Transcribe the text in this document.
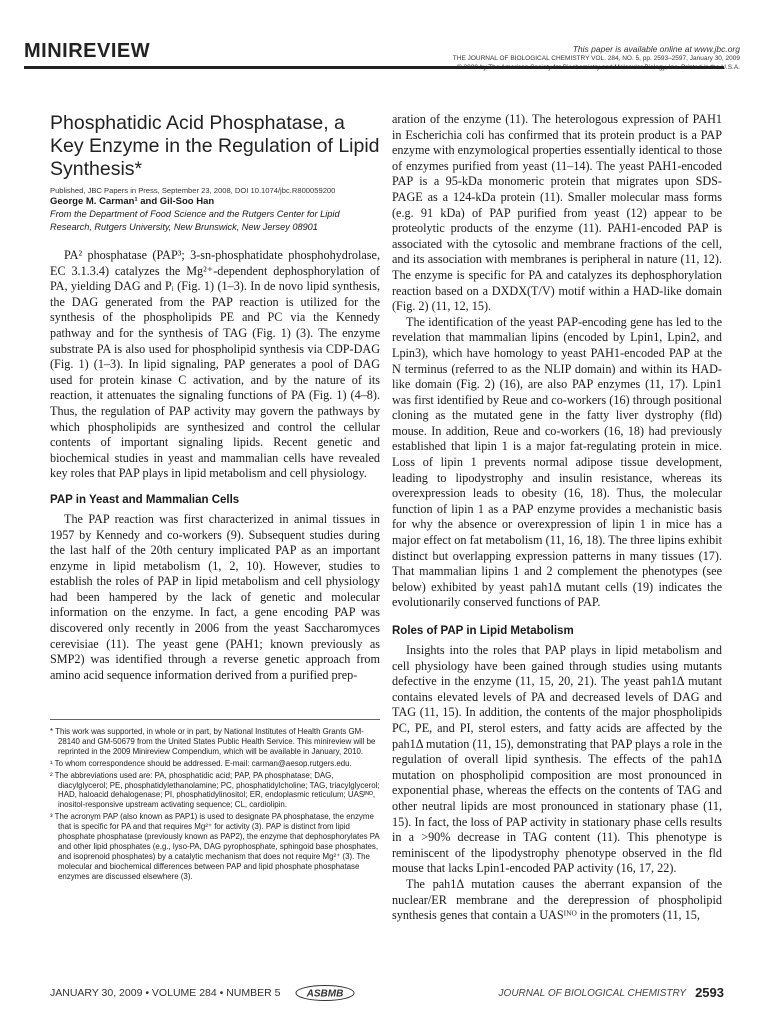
MINIREVIEW	This paper is available online at www.jbc.org
THE JOURNAL OF BIOLOGICAL CHEMISTRY VOL. 284, NO. 5, pp. 2593–2597, January 30, 2009
© 2009 by The American Society for Biochemistry and Molecular Biology, Inc. Printed in the U.S.A.
Phosphatidic Acid Phosphatase, a Key Enzyme in the Regulation of Lipid Synthesis*
Published, JBC Papers in Press, September 23, 2008, DOI 10.1074/jbc.R800059200
George M. Carman¹ and Gil-Soo Han
From the Department of Food Science and the Rutgers Center for Lipid Research, Rutgers University, New Brunswick, New Jersey 08901

PA² phosphatase (PAP³; 3-sn-phosphatidate phosphohydrolase, EC 3.1.3.4) catalyzes the Mg²⁺-dependent dephosphorylation of PA, yielding DAG and Pᵢ (Fig. 1) (1–3). In de novo lipid synthesis, the DAG generated from the PAP reaction is utilized for the synthesis of the phospholipids PE and PC via the Kennedy pathway and for the synthesis of TAG (Fig. 1) (3). The enzyme substrate PA is also used for phospholipid synthesis via CDP-DAG (Fig. 1) (1–3). In lipid signaling, PAP generates a pool of DAG used for protein kinase C activation, and by the nature of its reaction, it attenuates the signaling functions of PA (Fig. 1) (4–8). Thus, the regulation of PAP activity may govern the pathways by which phospholipids are synthesized and control the cellular contents of important signaling lipids. Recent genetic and biochemical studies in yeast and mammalian cells have revealed key roles that PAP plays in lipid metabolism and cell physiology.

PAP in Yeast and Mammalian Cells

The PAP reaction was first characterized in animal tissues in 1957 by Kennedy and co-workers (9). Subsequent studies during the last half of the 20th century implicated PAP as an important enzyme in lipid metabolism (1, 2, 10). However, studies to establish the roles of PAP in lipid metabolism and cell physiology had been hampered by the lack of genetic and molecular information on the enzyme. In fact, a gene encoding PAP was discovered only recently in 2006 from the yeast Saccharomyces cerevisiae (11). The yeast gene (PAH1; known previously as SMP2) was identified through a reverse genetic approach from amino acid sequence information derived from a purified prep-

* This work was supported, in whole or in part, by National Institutes of Health Grants GM-28140 and GM-50679 from the United States Public Health Service. This minireview will be reprinted in the 2009 Minireview Compendium, which will be available in January, 2010.

¹ To whom correspondence should be addressed. E-mail: carman@aesop.rutgers.edu.

² The abbreviations used are: PA, phosphatidic acid; PAP, PA phosphatase; DAG, diacylglycerol; PE, phosphatidylethanolamine; PC, phosphatidylcholine; TAG, triacylglycerol; HAD, haloacid dehalogenase; PI, phosphatidylinositol; ER, endoplasmic reticulum; UASᴵᴺᴼ, inositol-responsive upstream activating sequence; CL, cardiolipin.

³ The acronym PAP (also known as PAP1) is used to designate PA phosphatase, the enzyme that is specific for PA and that requires Mg²⁺ for activity (3). PAP is distinct from lipid phosphate phosphatase (previously known as PAP2), the enzyme that dephosphorylates PA and other lipid phosphates (e.g., lyso-PA, DAG pyrophosphate, sphingoid base phosphates, and isoprenoid phosphates) by a catalytic mechanism that does not require Mg²⁺ (3). The molecular and biochemical differences between PAP and lipid phosphate phosphatase enzymes are discussed elsewhere (3).

aration of the enzyme (11). The heterologous expression of PAH1 in Escherichia coli has confirmed that its protein product is a PAP enzyme with enzymological properties essentially identical to those of enzymes purified from yeast (11–14). The yeast PAH1-encoded PAP is a 95-kDa monomeric protein that migrates upon SDS-PAGE as a 124-kDa protein (11). Smaller molecular mass forms (e.g. 91 kDa) of PAP purified from yeast (12) appear to be proteolytic products of the enzyme (11). PAH1-encoded PAP is associated with the cytosolic and membrane fractions of the cell, and its association with membranes is peripheral in nature (11, 12). The enzyme is specific for PA and catalyzes its dephosphorylation reaction based on a DXDX(T/V) motif within a HAD-like domain (Fig. 2) (11, 12, 15).

The identification of the yeast PAP-encoding gene has led to the revelation that mammalian lipins (encoded by Lpin1, Lpin2, and Lpin3), which have homology to yeast PAH1-encoded PAP at the N terminus (referred to as the NLIP domain) and within its HAD-like domain (Fig. 2) (16), are also PAP enzymes (11, 17). Lpin1 was first identified by Reue and co-workers (16) through positional cloning as the mutated gene in the fatty liver dystrophy (fld) mouse. In addition, Reue and co-workers (16, 18) had previously established that lipin 1 is a major fat-regulating protein in mice. Loss of lipin 1 prevents normal adipose tissue development, leading to lipodystrophy and insulin resistance, whereas its overexpression leads to obesity (16, 18). Thus, the molecular function of lipin 1 as a PAP enzyme provides a mechanistic basis for why the absence or overexpression of lipin 1 in mice has a major effect on fat metabolism (11, 16, 18). The three lipins exhibit distinct but overlapping expression patterns in many tissues (17). That mammalian lipins 1 and 2 complement the phenotypes (see below) exhibited by yeast pah1Δ mutant cells (19) indicates the evolutionarily conserved functions of PAP.

Roles of PAP in Lipid Metabolism

Insights into the roles that PAP plays in lipid metabolism and cell physiology have been gained through studies using mutants defective in the enzyme (11, 15, 20, 21). The yeast pah1Δ mutant contains elevated levels of PA and decreased levels of DAG and TAG (11, 15). In addition, the contents of the major phospholipids PC, PE, and PI, sterol esters, and fatty acids are affected by the pah1Δ mutation (11, 15), demonstrating that PAP plays a role in the regulation of overall lipid synthesis. The effects of the pah1Δ mutation on phospholipid composition are most pronounced in exponential phase, whereas the effects on the contents of TAG and other neutral lipids are most pronounced in stationary phase (11, 15). In fact, the loss of PAP activity in stationary phase cells results in a >90% decrease in TAG content (11). This phenotype is reminiscent of the lipodystrophy phenotype observed in the fld mouse that lacks Lpin1-encoded PAP activity (16, 17, 22).

The pah1Δ mutation causes the aberrant expansion of the nuclear/ER membrane and the derepression of phospholipid synthesis genes that contain a UASᴵᴺᴼ in the promoters (11, 15,

JANUARY 30, 2009 • VOLUME 284 • NUMBER 5	ASBMB	JOURNAL OF BIOLOGICAL CHEMISTRY 2593
